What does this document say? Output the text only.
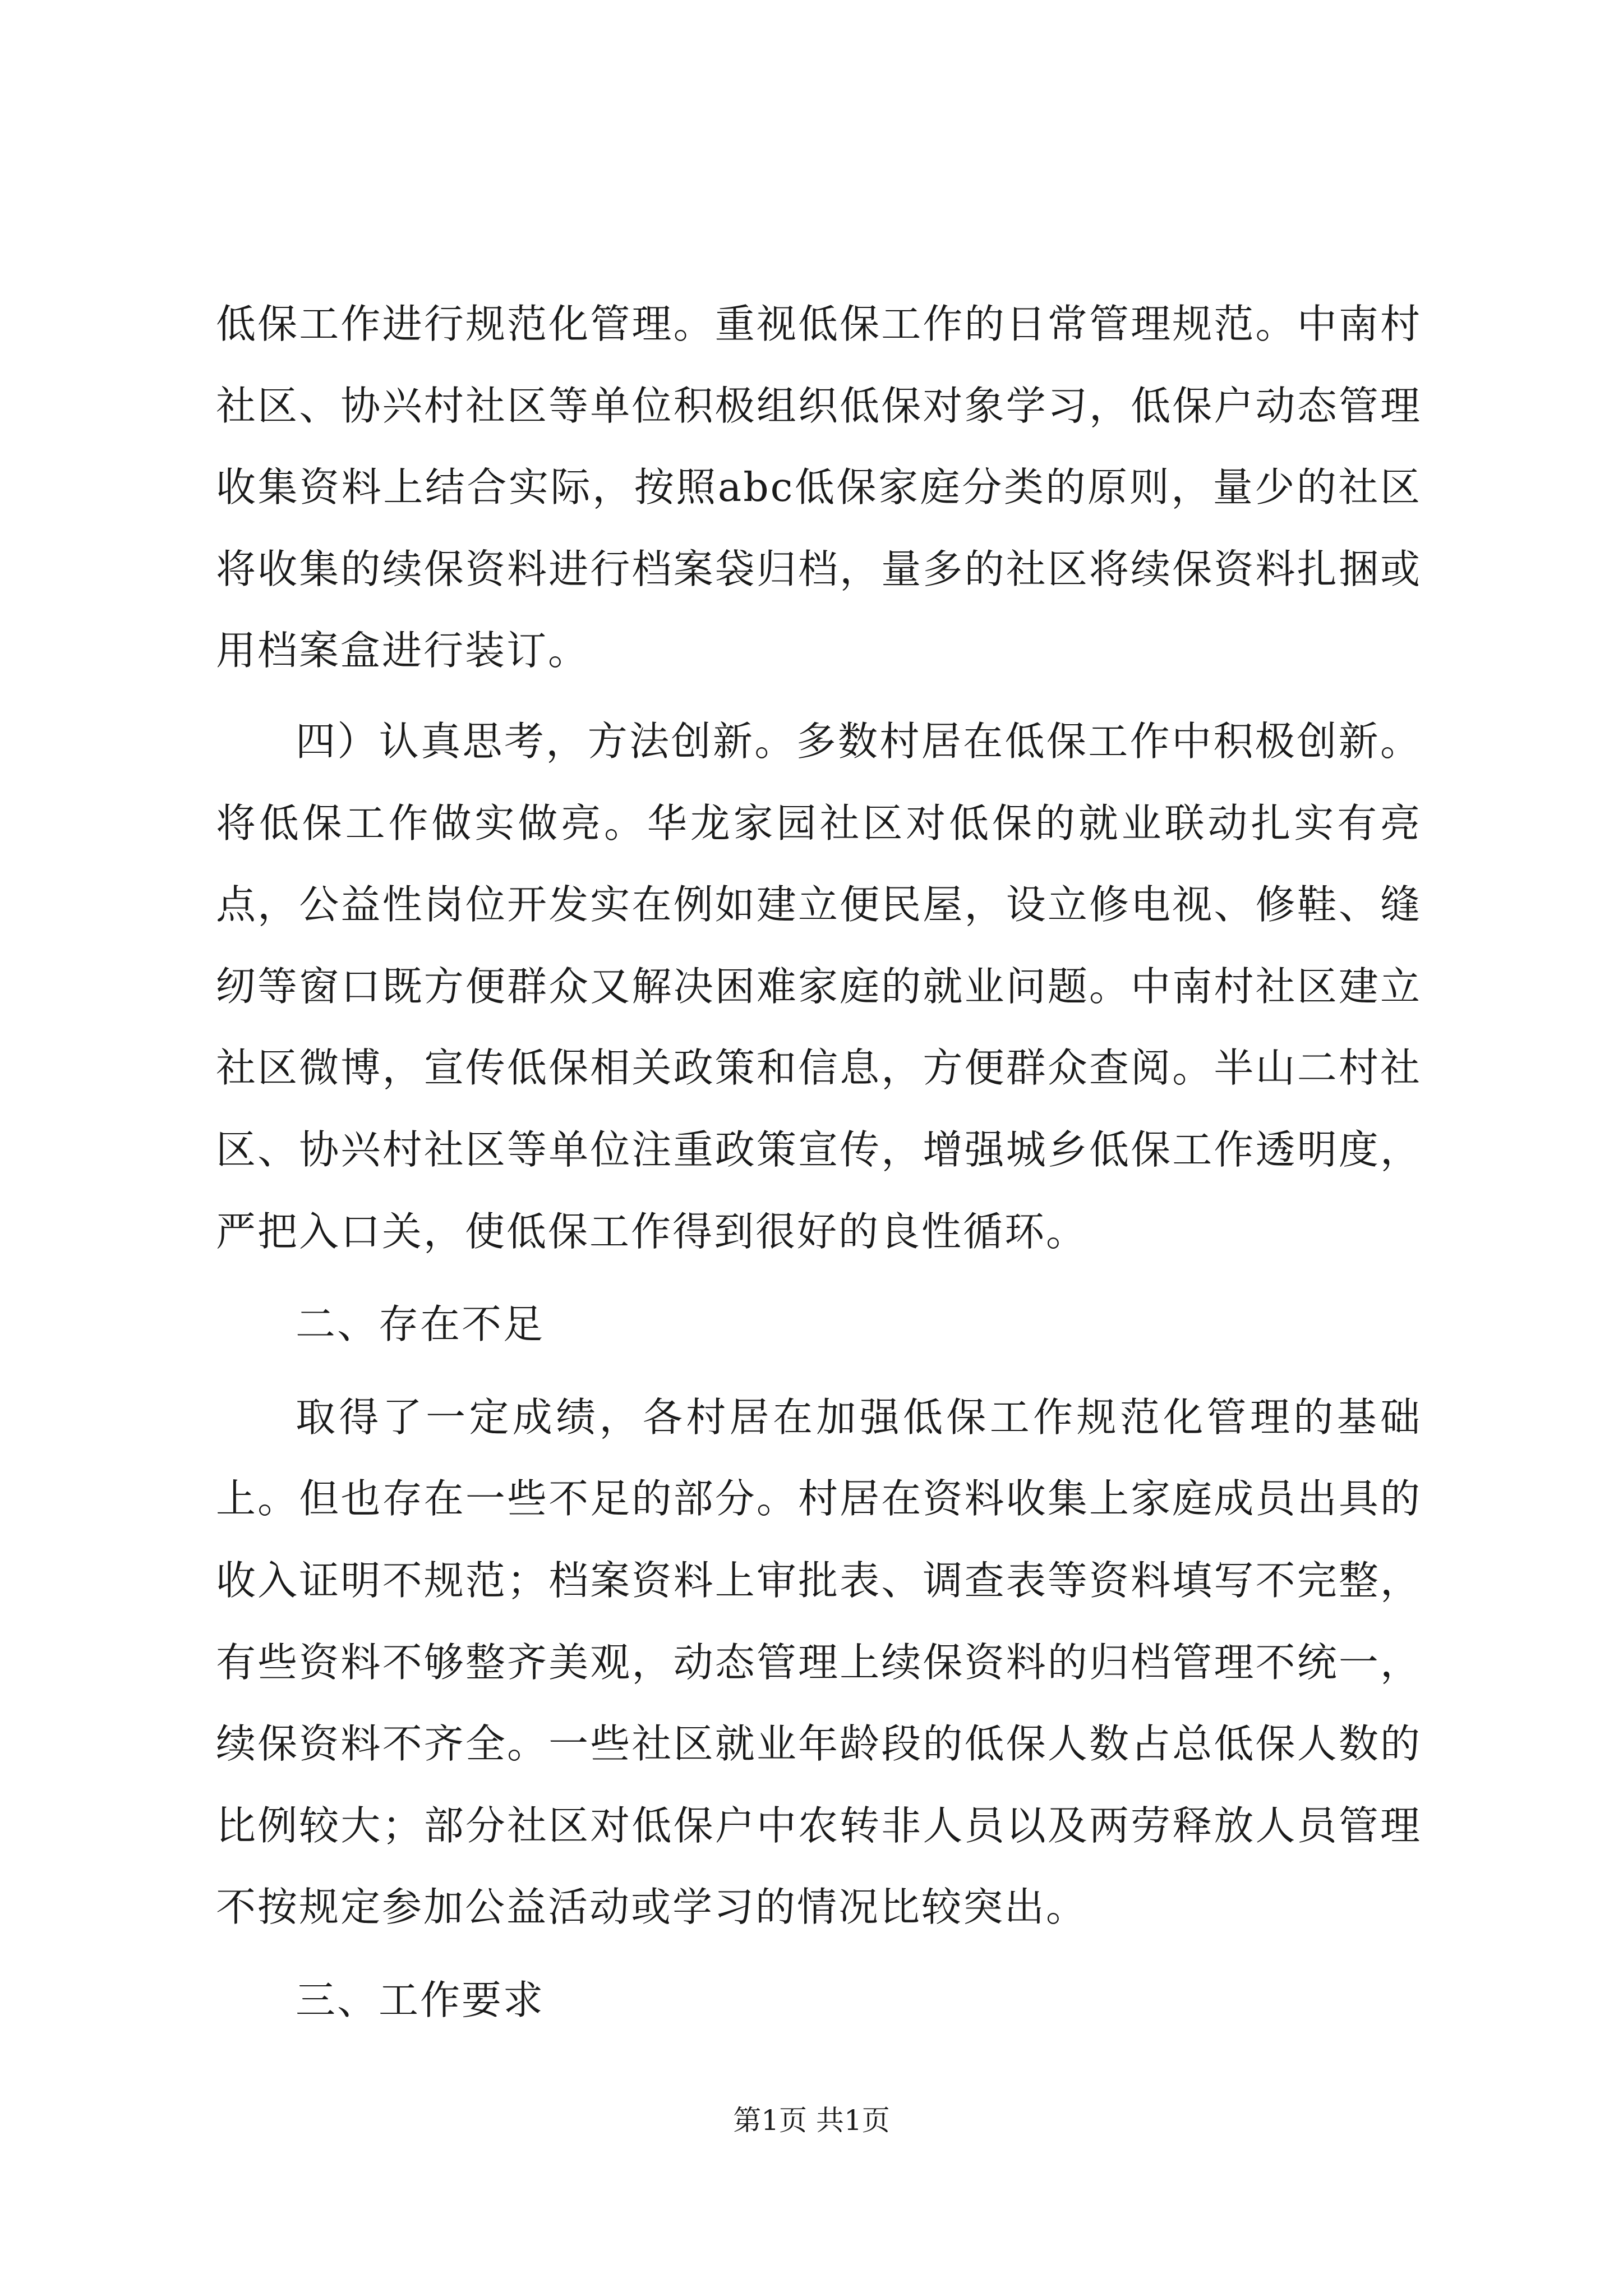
低保工作进行规范化管理。重视低保工作的日常管理规范。中南村社区、协兴村社区等单位积极组织低保对象学习，低保户动态管理收集资料上结合实际，按照abc低保家庭分类的原则，量少的社区将收集的续保资料进行档案袋归档，量多的社区将续保资料扎捆或用档案盒进行装订。

四）认真思考，方法创新。多数村居在低保工作中积极创新。将低保工作做实做亮。华龙家园社区对低保的就业联动扎实有亮点，公益性岗位开发实在例如建立便民屋，设立修电视、修鞋、缝纫等窗口既方便群众又解决困难家庭的就业问题。中南村社区建立社区微博，宣传低保相关政策和信息，方便群众查阅。半山二村社区、协兴村社区等单位注重政策宣传，增强城乡低保工作透明度，严把入口关，使低保工作得到很好的良性循环。

二、存在不足

取得了一定成绩，各村居在加强低保工作规范化管理的基础上。但也存在一些不足的部分。村居在资料收集上家庭成员出具的收入证明不规范；档案资料上审批表、调查表等资料填写不完整，有些资料不够整齐美观，动态管理上续保资料的归档管理不统一，续保资料不齐全。一些社区就业年龄段的低保人数占总低保人数的比例较大；部分社区对低保户中农转非人员以及两劳释放人员管理不按规定参加公益活动或学习的情况比较突出。

三、工作要求

第1页 共1页
